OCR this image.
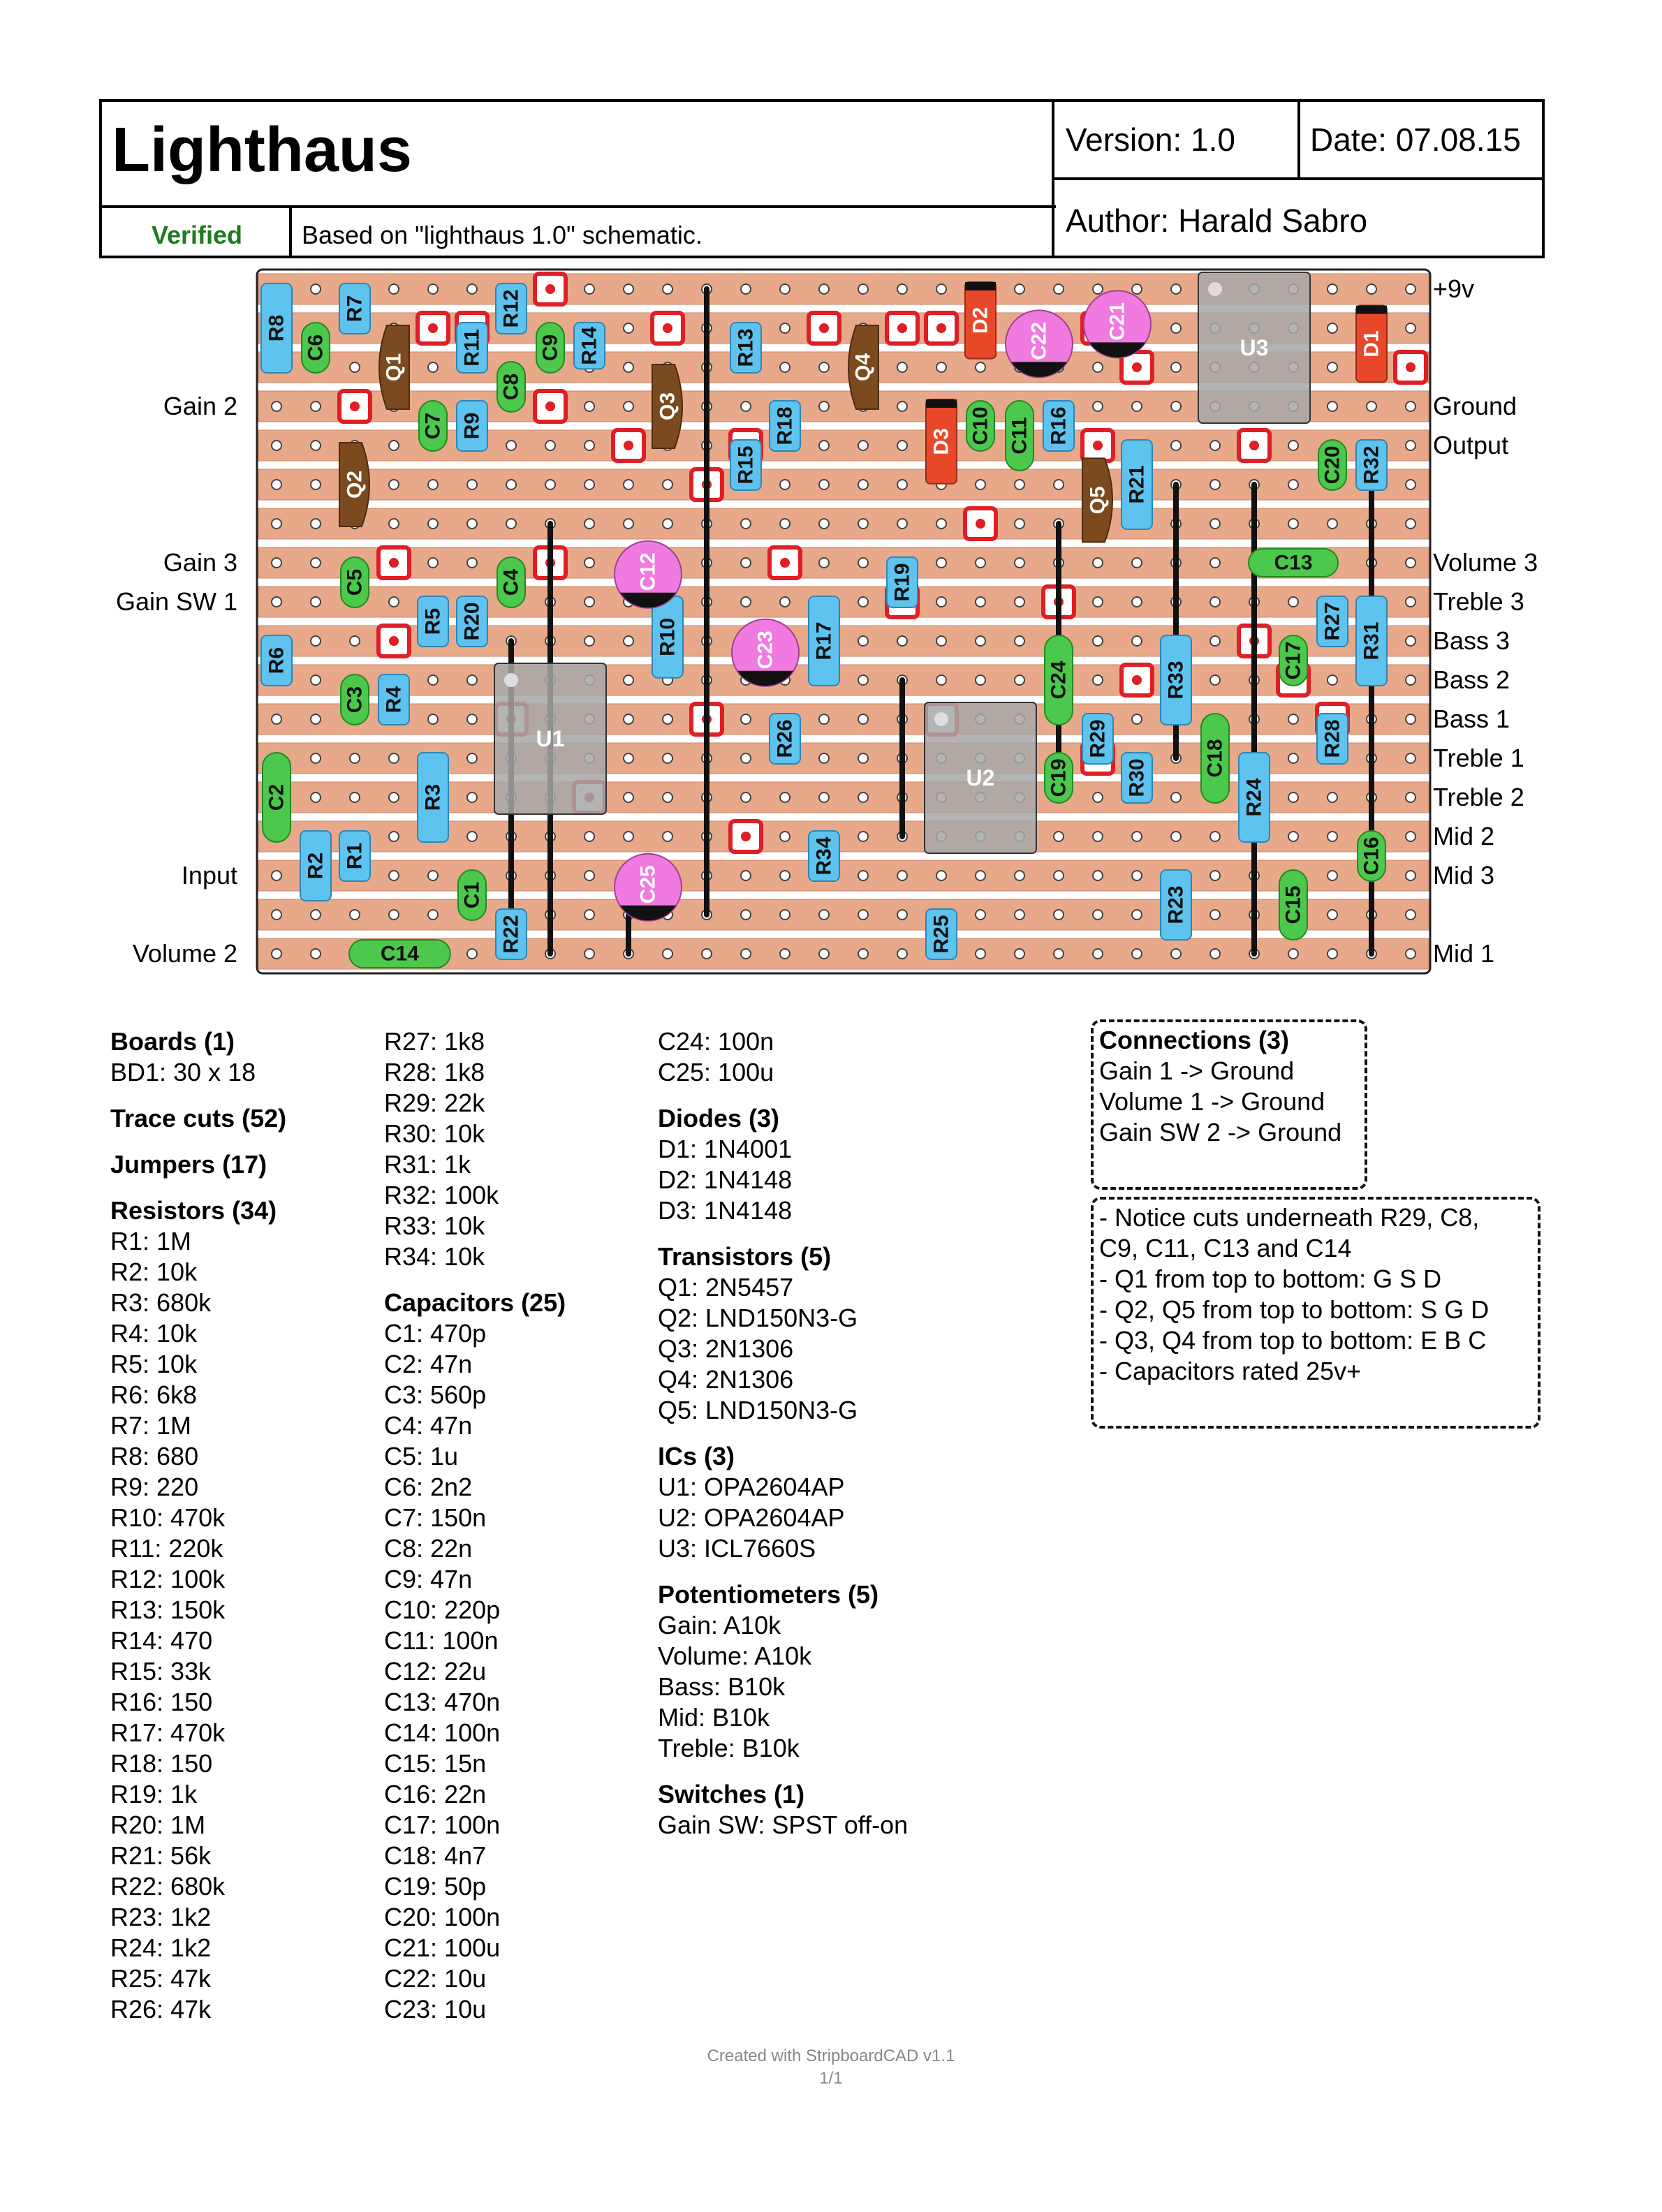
Lighthaus
Verified	Based on "lighthaus 1.0" schematic.
Version: 1.0 Date: 07.08.15
Author: Harald Sabro
R8
R7
R11
R12
R14
R9
R13
R18
R15
R16
R21
R32
R5 R20
R6
R4
R10	R17
R19
R26	R29
R30
R33
R24
R27
R31
R28
R1
R2
R3
R22
R34
R25
R23
C6	C9
C8
C7	C10 C11
C20
C5	C4
C3
C24
C19
C18
C17
C2
C1	C15
C16
C13
C14
C12
C23
C25
C22
C21
D1
D2
D3
Q1
Q2
Q3
Q4
Q5
U1
U2
U3
Gain 2
Gain 3
Gain SW 1
Input
Volume 2
+9v
Ground
Output
Volume 3
Treble 3
Bass 3
Bass 2
Bass 1
Treble 1
Treble 2
Mid 2
Mid 3
Mid 1
Boards (1)
BD1: 30 x 18
Trace cuts (52)
Jumpers (17)
Resistors (34)
R1: 1M
R2: 10k
R3: 680k
R4: 10k
R5: 10k
R6: 6k8
R7: 1M
R8: 680
R9: 220
R10: 470k
R11: 220k
R12: 100k
R13: 150k
R14: 470
R15: 33k
R16: 150
R17: 470k
R18: 150
R19: 1k
R20: 1M
R21: 56k
R22: 680k
R23: 1k2
R24: 1k2
R25: 47k
R26: 47k
R27: 1k8
R28: 1k8
R29: 22k
R30: 10k
R31: 1k
R32: 100k
R33: 10k
R34: 10k
Capacitors (25)
C1: 470p
C2: 47n
C3: 560p
C4: 47n
C5: 1u
C6: 2n2
C7: 150n
C8: 22n
C9: 47n
C10: 220p
C11: 100n
C12: 22u
C13: 470n
C14: 100n
C15: 15n
C16: 22n
C17: 100n
C18: 4n7
C19: 50p
C20: 100n
C21: 100u
C22: 10u
C23: 10u
C24: 100n
C25: 100u
Diodes (3)
D1: 1N4001
D2: 1N4148
D3: 1N4148
Transistors (5)
Q1: 2N5457
Q2: LND150N3-G
Q3: 2N1306
Q4: 2N1306
Q5: LND150N3-G
ICs (3)
U1: OPA2604AP
U2: OPA2604AP
U3: ICL7660S
Potentiometers (5)
Gain: A10k
Volume: A10k
Bass: B10k
Mid: B10k
Treble: B10k
Switches (1)
Gain SW: SPST off-on
Connections (3)
Gain 1 -> Ground
Volume 1 -> Ground
Gain SW 2 -> Ground
- Notice cuts underneath R29, C8,
C9, C11, C13 and C14
- Q1 from top to bottom: G S D
- Q2, Q5 from top to bottom: S G D
- Q3, Q4 from top to bottom: E B C
- Capacitors rated 25v+
Created with StripboardCAD v1.1
1/1
